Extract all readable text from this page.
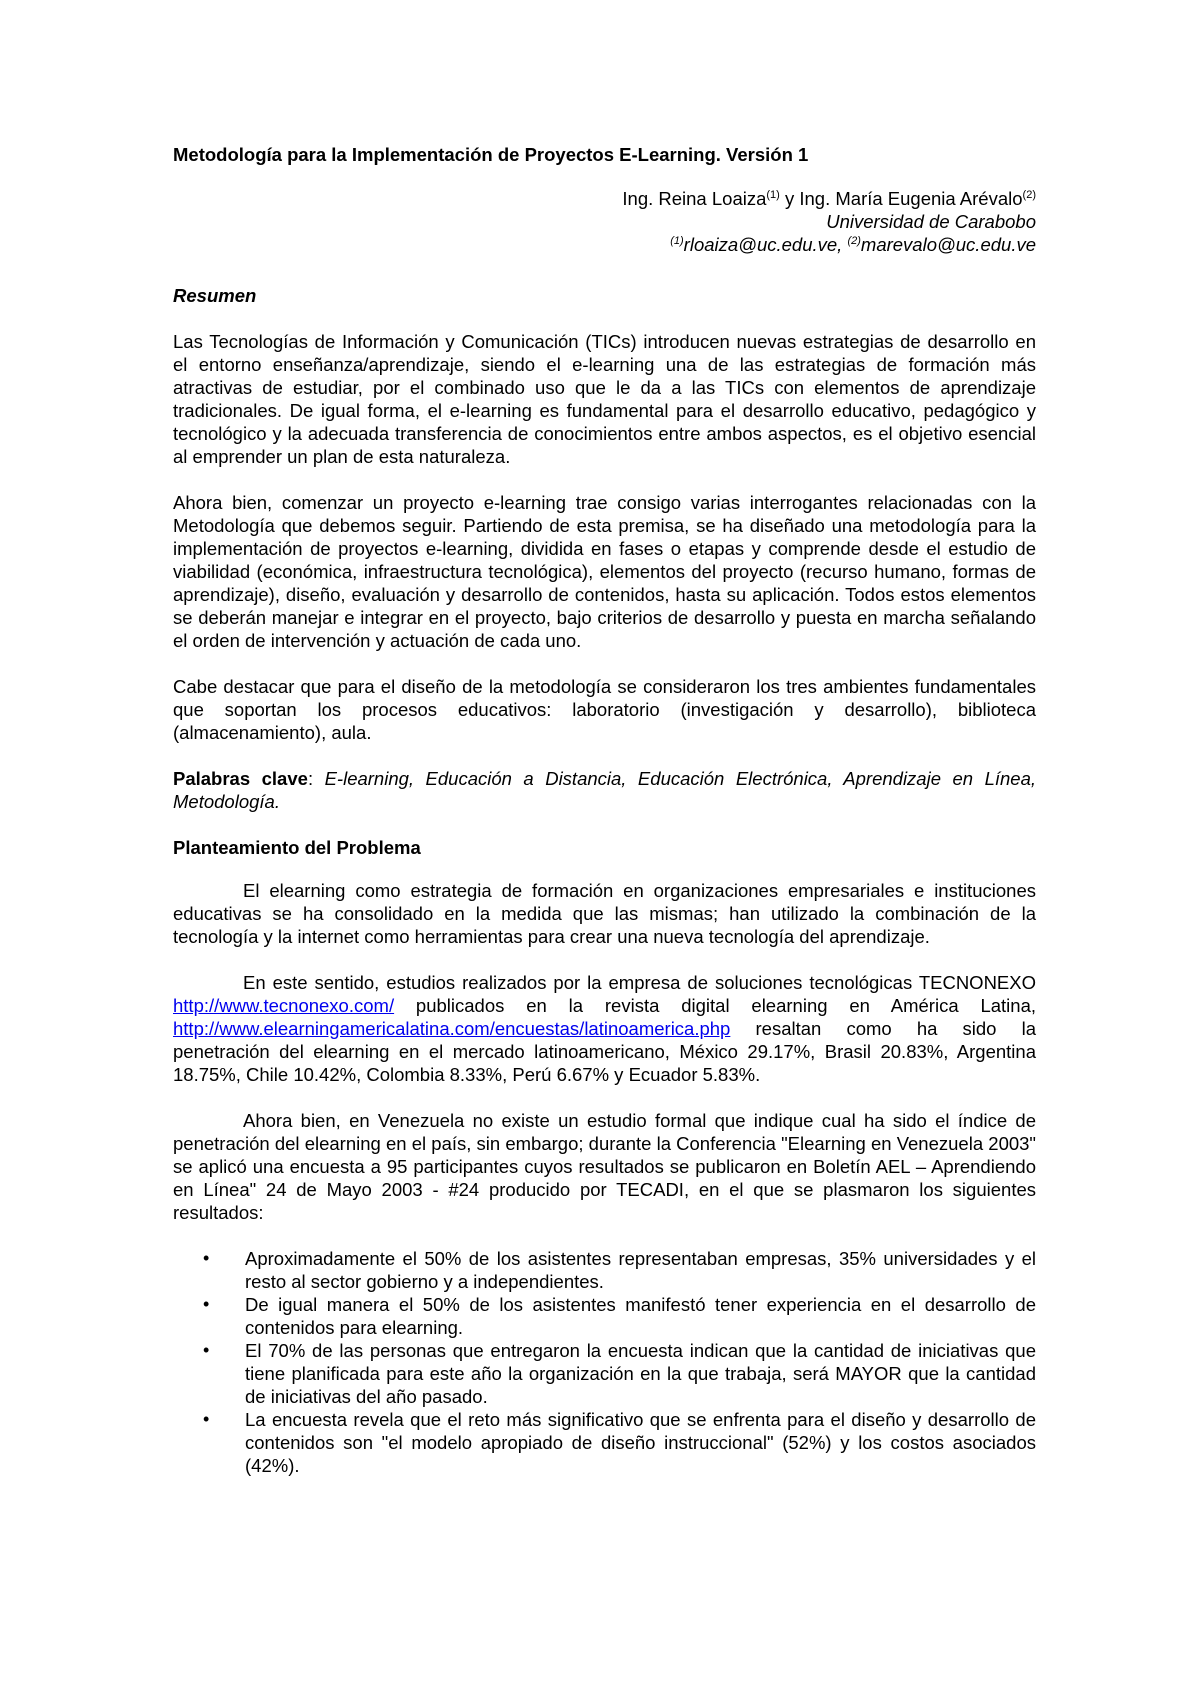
Metodología para la Implementación de Proyectos E-Learning. Versión 1
Ing. Reina Loaiza$^{(1)}$ y Ing. María Eugenia Arévalo$^{(2)}$
Universidad de Carabobo
$^{(1)}$rloaiza@uc.edu.ve, $^{(2)}$marevalo@uc.edu.ve
Resumen

Las Tecnologías de Información y Comunicación (TICs) introducen nuevas estrategias de desarrollo en el entorno enseñanza/aprendizaje, siendo el e-learning una de las estrategias de formación más atractivas de estudiar, por el combinado uso que le da a las TICs con elementos de aprendizaje tradicionales. De igual forma, el e-learning es fundamental para el desarrollo educativo, pedagógico y tecnológico y la adecuada transferencia de conocimientos entre ambos aspectos, es el objetivo esencial al emprender un plan de esta naturaleza.

Ahora bien, comenzar un proyecto e-learning trae consigo varias interrogantes relacionadas con la Metodología que debemos seguir. Partiendo de esta premisa, se ha diseñado una metodología para la implementación de proyectos e-learning, dividida en fases o etapas y comprende desde el estudio de viabilidad (económica, infraestructura tecnológica), elementos del proyecto (recurso humano, formas de aprendizaje), diseño, evaluación y desarrollo de contenidos, hasta su aplicación. Todos estos elementos se deberán manejar e integrar en el proyecto, bajo criterios de desarrollo y puesta en marcha señalando el orden de intervención y actuación de cada uno.

Cabe destacar que para el diseño de la metodología se consideraron los tres ambientes fundamentales que soportan los procesos educativos: laboratorio (investigación y desarrollo), biblioteca (almacenamiento), aula.

Palabras clave: E-learning, Educación a Distancia, Educación Electrónica, Aprendizaje en Línea, Metodología.

Planteamiento del Problema

El elearning como estrategia de formación en organizaciones empresariales e instituciones educativas se ha consolidado en la medida que las mismas; han utilizado la combinación de la tecnología y la internet como herramientas para crear una nueva tecnología del aprendizaje.

En este sentido, estudios realizados por la empresa de soluciones tecnológicas TECNONEXO http://www.tecnonexo.com/ publicados en la revista digital elearning en América Latina, http://www.elearningamericalatina.com/encuestas/latinoamerica.php resaltan como ha sido la penetración del elearning en el mercado latinoamericano, México 29.17%, Brasil 20.83%, Argentina 18.75%, Chile 10.42%, Colombia 8.33%, Perú 6.67% y Ecuador 5.83%.

Ahora bien, en Venezuela no existe un estudio formal que indique cual ha sido el índice de penetración del elearning en el país, sin embargo; durante la Conferencia "Elearning en Venezuela 2003" se aplicó una encuesta a 95 participantes cuyos resultados se publicaron en Boletín AEL – Aprendiendo en Línea" 24 de Mayo 2003 - #24 producido por TECADI, en el que se plasmaron los siguientes resultados:

• Aproximadamente el 50% de los asistentes representaban empresas, 35% universidades y el resto al sector gobierno y a independientes.
• De igual manera el 50% de los asistentes manifestó tener experiencia en el desarrollo de contenidos para elearning.
• El 70% de las personas que entregaron la encuesta indican que la cantidad de iniciativas que tiene planificada para este año la organización en la que trabaja, será MAYOR que la cantidad de iniciativas del año pasado.
• La encuesta revela que el reto más significativo que se enfrenta para el diseño y desarrollo de contenidos son "el modelo apropiado de diseño instruccional" (52%) y los costos asociados (42%).
